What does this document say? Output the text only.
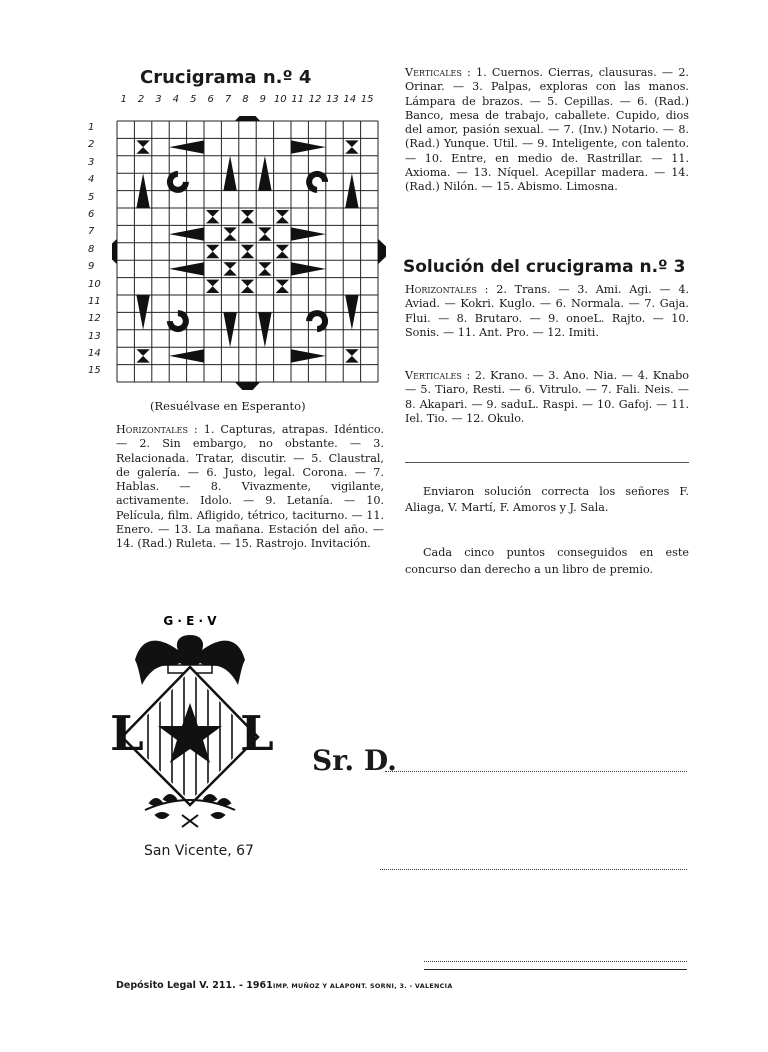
Crucigrama n.º 4
1	2	3	4	5	6	7	8	9 10 11 12 13 14 15
1
2
3
4
5
6
7
8
9
10
11
12
13
14
15
(Resuélvase en Esperanto)
Horizontales : 1. Capturas, atrapas. Idéntico. — 2. Sin embargo, no obstante. — 3. Relacionada. Tratar, discutir. — 5. Claustral, de galería. — 6. Justo, legal. Corona. — 7. Hablas. — 8. Vivazmente, vigilante, activamente. Idolo. — 9. Letanía. — 10. Película, film. Afligido, tétrico, taciturno. — 11. Enero. — 13. La mañana. Estación del año. — 14. (Rad.) Ruleta. — 15. Rastrojo. Invitación.
Verticales : 1. Cuernos. Cierras, clausuras. — 2. Orinar. — 3. Palpas, exploras con las manos. Lámpara de brazos. — 5. Cepillas. — 6. (Rad.) Banco, mesa de trabajo, caballete. Cupido, dios del amor, pasión sexual. — 7. (Inv.) Notario. — 8. (Rad.) Yunque. Util. — 9. Inteligente, con talento. — 10. Entre, en medio de. Rastrillar. — 11. Axioma. — 13. Níquel. Acepillar madera. — 14. (Rad.) Nilón. — 15. Abismo. Limosna.
Solución del crucigrama n.º 3
Horizontales : 2. Trans. — 3. Ami. Agi. — 4. Aviad. — Kokri. Kuglo. — 6. Normala. — 7. Gaja. Flui. — 8. Brutaro. — 9. onoeL. Rajto. — 10. Sonis. — 11. Ant. Pro. — 12. Imiti.
Verticales : 2. Krano. — 3. Ano. Nia. — 4. Knabo — 5. Tiaro, Resti. — 6. Vitrulo. — 7. Fali. Neis. — 8. Akapari. — 9. saduL. Raspi. — 10. Gafoj. — 11. Iel. Tio. — 12. Okulo.
Enviaron solución correcta los señores F. Aliaga, V. Martí, F. Amoros y J. Sala.
Cada cinco puntos conseguidos en este concurso dan derecho a un libro de premio.
G · E · V
L L
San Vicente, 67
Sr. D.
Depósito Legal V. 211. - 1961 IMP. MUÑOZ Y ALAPONT. SORNI, 3. - VALENCIA
